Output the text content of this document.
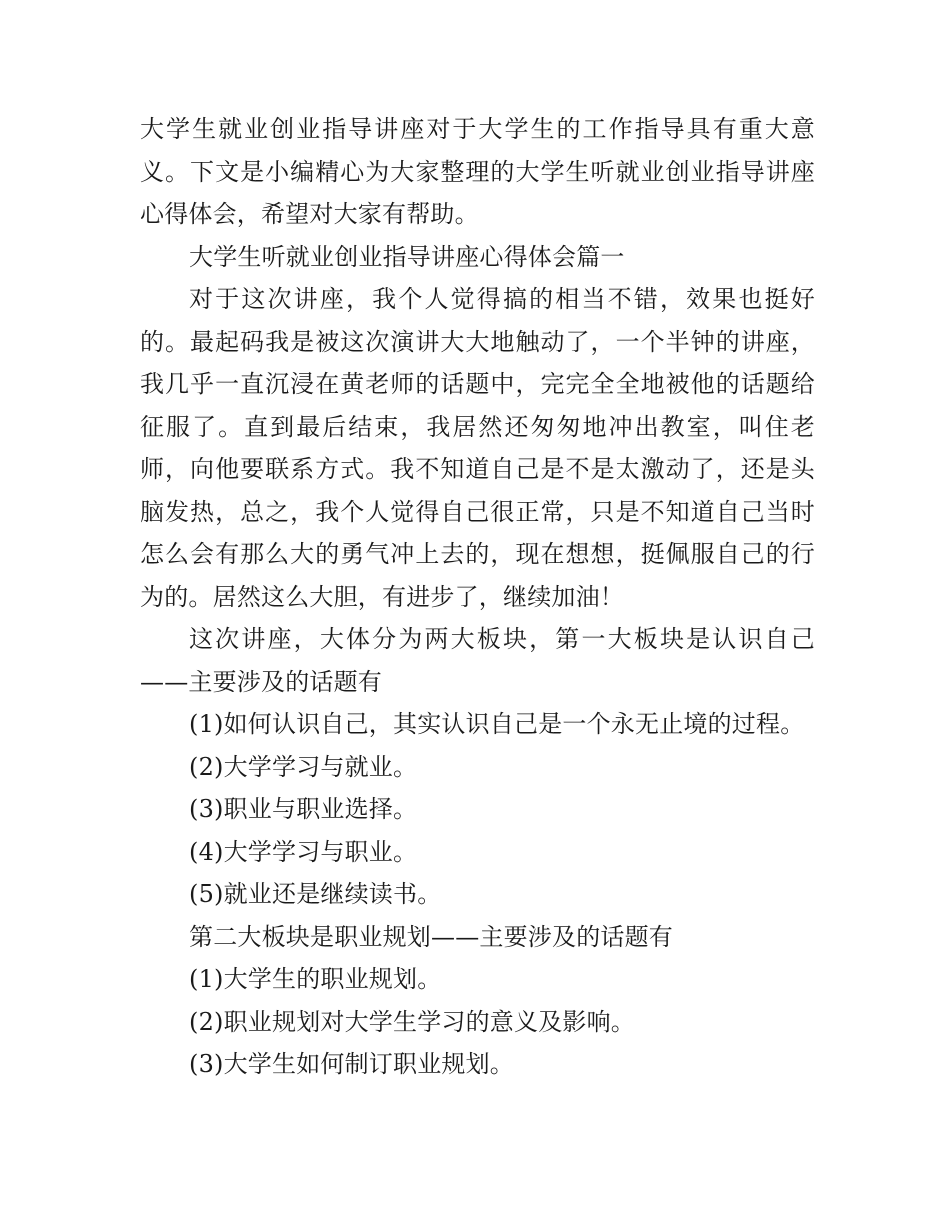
大学生就业创业指导讲座对于大学生的工作指导具有重大意义。下文是小编精心为大家整理的大学生听就业创业指导讲座心得体会，希望对大家有帮助。

大学生听就业创业指导讲座心得体会篇一

对于这次讲座，我个人觉得搞的相当不错，效果也挺好的。最起码我是被这次演讲大大地触动了，一个半钟的讲座，我几乎一直沉浸在黄老师的话题中，完完全全地被他的话题给征服了。直到最后结束，我居然还匆匆地冲出教室，叫住老师，向他要联系方式。我不知道自己是不是太激动了，还是头脑发热，总之，我个人觉得自己很正常，只是不知道自己当时怎么会有那么大的勇气冲上去的，现在想想，挺佩服自己的行为的。居然这么大胆，有进步了，继续加油！

这次讲座，大体分为两大板块，第一大板块是认识自己——主要涉及的话题有

(1)如何认识自己，其实认识自己是一个永无止境的过程。

(2)大学学习与就业。

(3)职业与职业选择。

(4)大学学习与职业。

(5)就业还是继续读书。

第二大板块是职业规划——主要涉及的话题有

(1)大学生的职业规划。

(2)职业规划对大学生学习的意义及影响。

(3)大学生如何制订职业规划。
